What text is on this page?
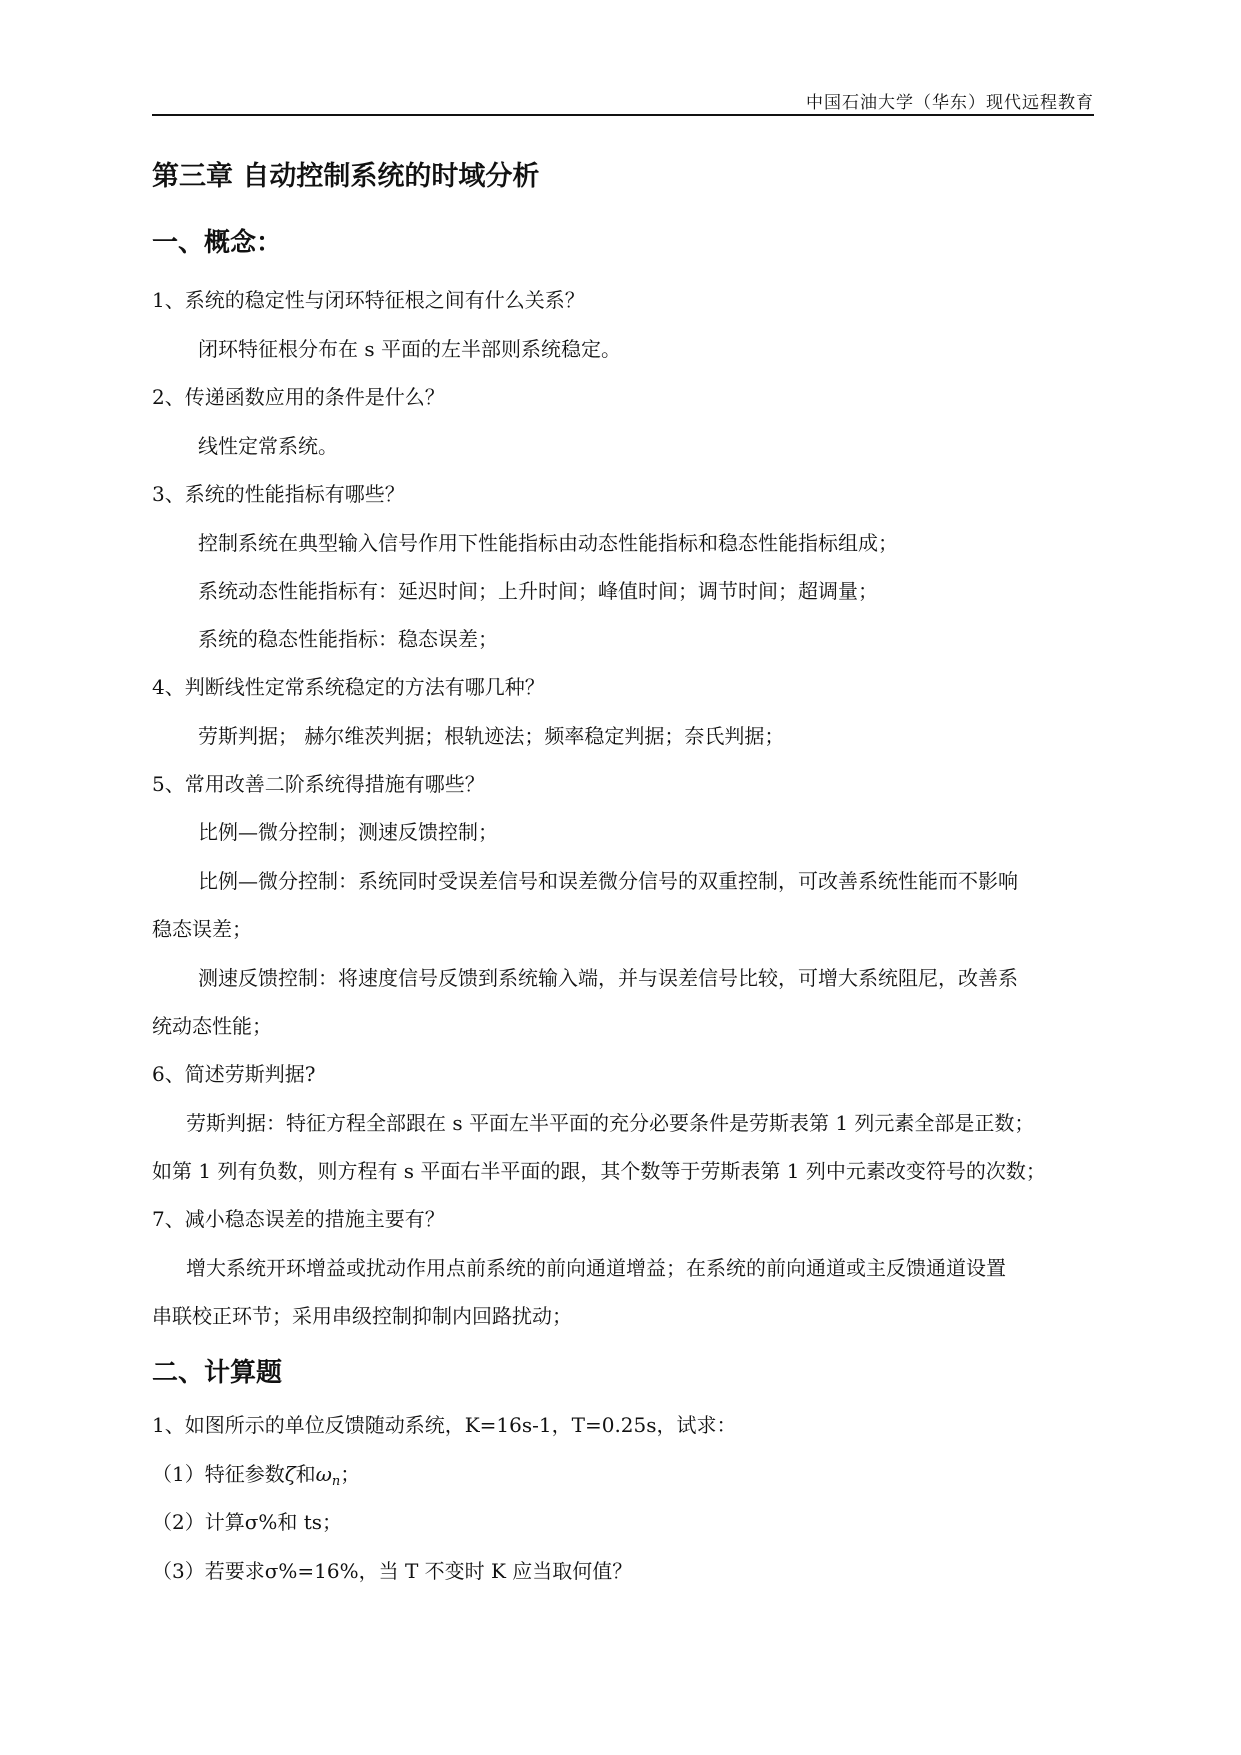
中国石油大学（华东）现代远程教育
第三章 自动控制系统的时域分析
一、概念：
1、系统的稳定性与闭环特征根之间有什么关系？
闭环特征根分布在 s 平面的左半部则系统稳定。
2、传递函数应用的条件是什么？
线性定常系统。
3、系统的性能指标有哪些？
控制系统在典型输入信号作用下性能指标由动态性能指标和稳态性能指标组成；
系统动态性能指标有：延迟时间；上升时间；峰值时间；调节时间；超调量；
系统的稳态性能指标：稳态误差；
4、判断线性定常系统稳定的方法有哪几种？
劳斯判据； 赫尔维茨判据；根轨迹法；频率稳定判据；奈氏判据；
5、常用改善二阶系统得措施有哪些？
比例—微分控制；测速反馈控制；
比例—微分控制：系统同时受误差信号和误差微分信号的双重控制，可改善系统性能而不影响
稳态误差；
测速反馈控制：将速度信号反馈到系统输入端，并与误差信号比较，可增大系统阻尼，改善系
统动态性能；
6、简述劳斯判据?
劳斯判据：特征方程全部跟在 s 平面左半平面的充分必要条件是劳斯表第 1 列元素全部是正数；
如第 1 列有负数，则方程有 s 平面右半平面的跟，其个数等于劳斯表第 1 列中元素改变符号的次数；
7、减小稳态误差的措施主要有？
增大系统开环增益或扰动作用点前系统的前向通道增益；在系统的前向通道或主反馈通道设置
串联校正环节；采用串级控制抑制内回路扰动；
二、计算题
1、如图所示的单位反馈随动系统，K=16s-1，T=0.25s，试求：
（1）特征参数ζ和$\omega_n$；
（2）计算σ%和 ts；
（3）若要求σ%=16%，当 T 不变时 K 应当取何值？
